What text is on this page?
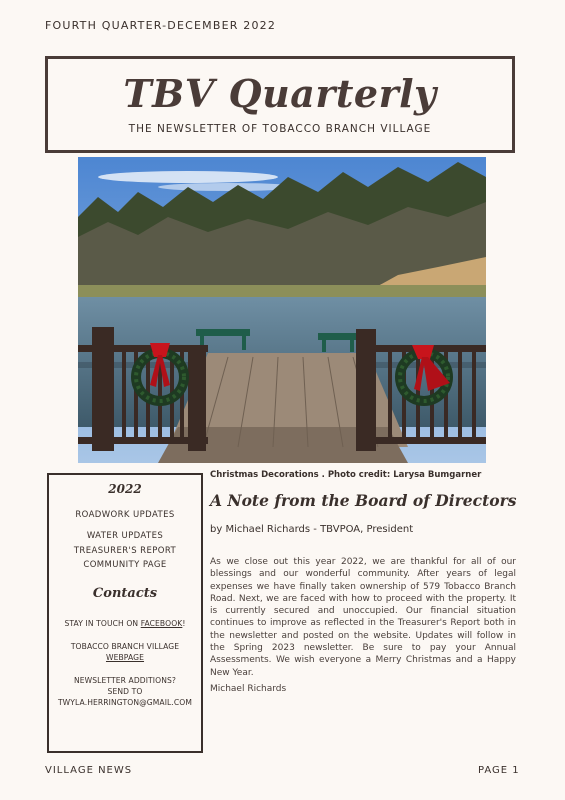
FOURTH QUARTER-DECEMBER 2022
TBV Quarterly
THE NEWSLETTER OF TOBACCO BRANCH VILLAGE
Christmas Decorations . Photo credit: Larysa Bumgarner
2022
ROADWORK UPDATES
WATER UPDATES
TREASURER'S REPORT
COMMUNITY PAGE
Contacts
STAY IN TOUCH ON FACEBOOK!
TOBACCO BRANCH VILLAGE
WEBPAGE
NEWSLETTER ADDITIONS?
SEND TO
TWYLA.HERRINGTON@GMAIL.COM
A Note from the Board of Directors
by Michael Richards - TBVPOA, President
As we close out this year 2022, we are thankful for all of our blessings and our wonderful community. After years of legal expenses we have finally taken ownership of 579 Tobacco Branch Road. Next, we are faced with how to proceed with the property. It is currently secured and unoccupied. Our financial situation continues to improve as reflected in the Treasurer's Report both in the newsletter and posted on the website. Updates will follow in the Spring 2023 newsletter. Be sure to pay your Annual Assessments. We wish everyone a Merry Christmas and a Happy New Year.
Michael Richards
VILLAGE NEWS	PAGE 1
